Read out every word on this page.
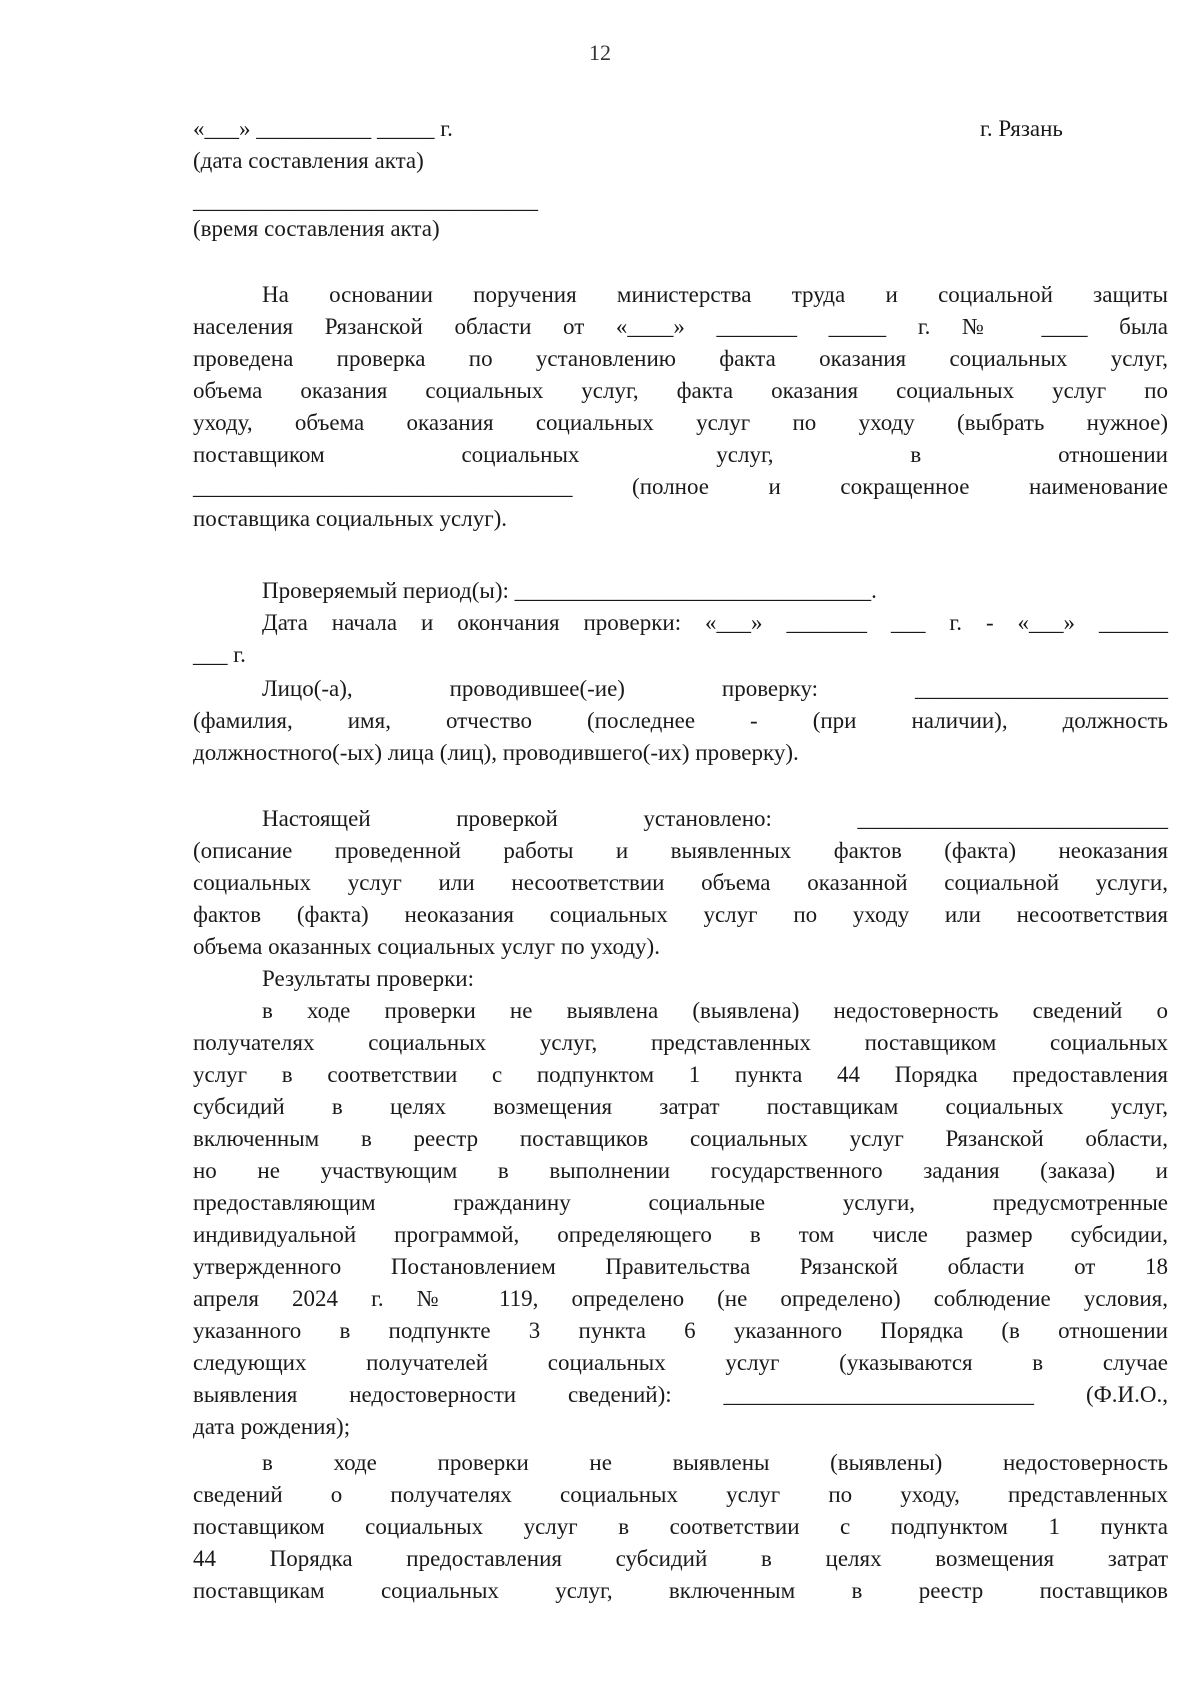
12
«___» __________ _____ г.	г. Рязань
(дата составления акта)
______________________________
(время составления акта)
На основании поручения министерства труда и социальной защиты
населения Рязанской области от «____» _______ _____ г. № ____ была
проведена проверка по установлению факта оказания социальных услуг,
объема оказания социальных услуг, факта оказания социальных услуг по
уходу, объема оказания социальных услуг по уходу (выбрать нужное)
поставщиком социальных услуг, в отношении
_________________________________ (полное и сокращенное наименование
поставщика социальных услуг).
Проверяемый период(ы): _______________________________.
Дата начала и окончания проверки: «___» _______ ___ г. - «___» ______
___ г.
Лицо(-а), проводившее(-ие) проверку: ______________________
(фамилия, имя, отчество (последнее - (при наличии), должность
должностного(-ых) лица (лиц), проводившего(-их) проверку).
Настоящей проверкой установлено: ___________________________
(описание проведенной работы и выявленных фактов (факта) неоказания
социальных услуг или несоответствии объема оказанной социальной услуги,
фактов (факта) неоказания социальных услуг по уходу или несоответствия
объема оказанных социальных услуг по уходу).
Результаты проверки:
в ходе проверки не выявлена (выявлена) недостоверность сведений о
получателях социальных услуг, представленных поставщиком социальных
услуг в соответствии с подпунктом 1 пункта 44 Порядка предоставления
субсидий в целях возмещения затрат поставщикам социальных услуг,
включенным в реестр поставщиков социальных услуг Рязанской области,
но не участвующим в выполнении государственного задания (заказа) и
предоставляющим гражданину социальные услуги, предусмотренные
индивидуальной программой, определяющего в том числе размер субсидии,
утвержденного Постановлением Правительства Рязанской области от 18
апреля 2024 г. № 119, определено (не определено) соблюдение условия,
указанного в подпункте 3 пункта 6 указанного Порядка (в отношении
следующих получателей социальных услуг (указываются в случае
выявления недостоверности сведений): ___________________________ (Ф.И.О.,
дата рождения);
в ходе проверки не выявлены (выявлены) недостоверность
сведений о получателях социальных услуг по уходу, представленных
поставщиком социальных услуг в соответствии с подпунктом 1 пункта
44 Порядка предоставления субсидий в целях возмещения затрат
поставщикам социальных услуг, включенным в реестр поставщиков
